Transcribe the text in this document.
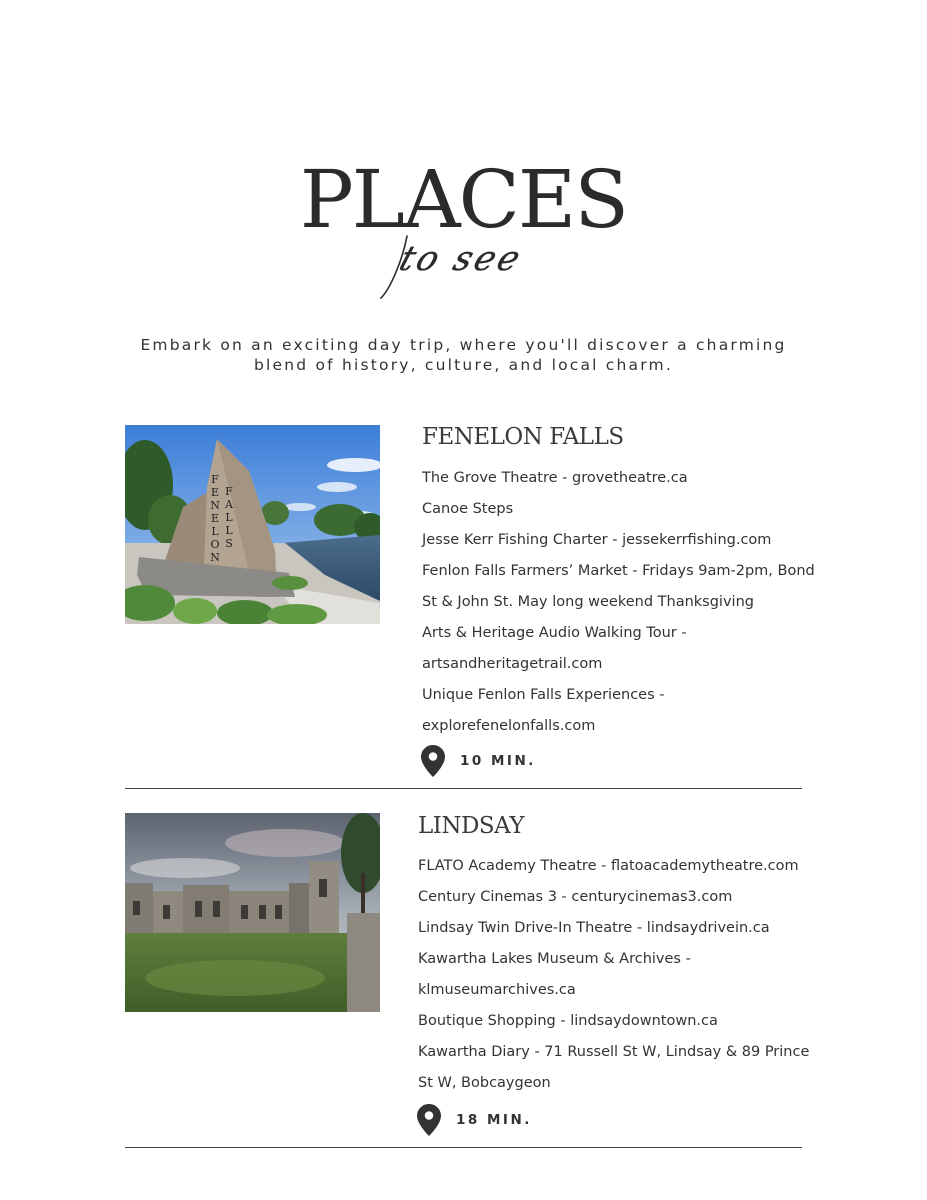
PLACES
to see
Embark on an exciting day trip, where you'll discover a charming blend of history, culture, and local charm.
F
E
N
E
L
O
N
F
A
L
L
S
FENELON FALLS
The Grove Theatre - grovetheatre.ca
Canoe Steps
Jesse Kerr Fishing Charter - jessekerrfishing.com
Fenlon Falls Farmers’ Market - Fridays 9am-2pm, Bond
St & John St. May long weekend Thanksgiving
Arts & Heritage Audio Walking Tour -
artsandheritagetrail.com
Unique Fenlon Falls Experiences -
explorefenelonfalls.com
10 MIN.
LINDSAY
FLATO Academy Theatre - flatoacademytheatre.com
Century Cinemas 3 - centurycinemas3.com
Lindsay Twin Drive-In Theatre - lindsaydrivein.ca
Kawartha Lakes Museum & Archives -
klmuseumarchives.ca
Boutique Shopping - lindsaydowntown.ca
Kawartha Diary - 71 Russell St W, Lindsay & 89 Prince
St W, Bobcaygeon
18 MIN.
